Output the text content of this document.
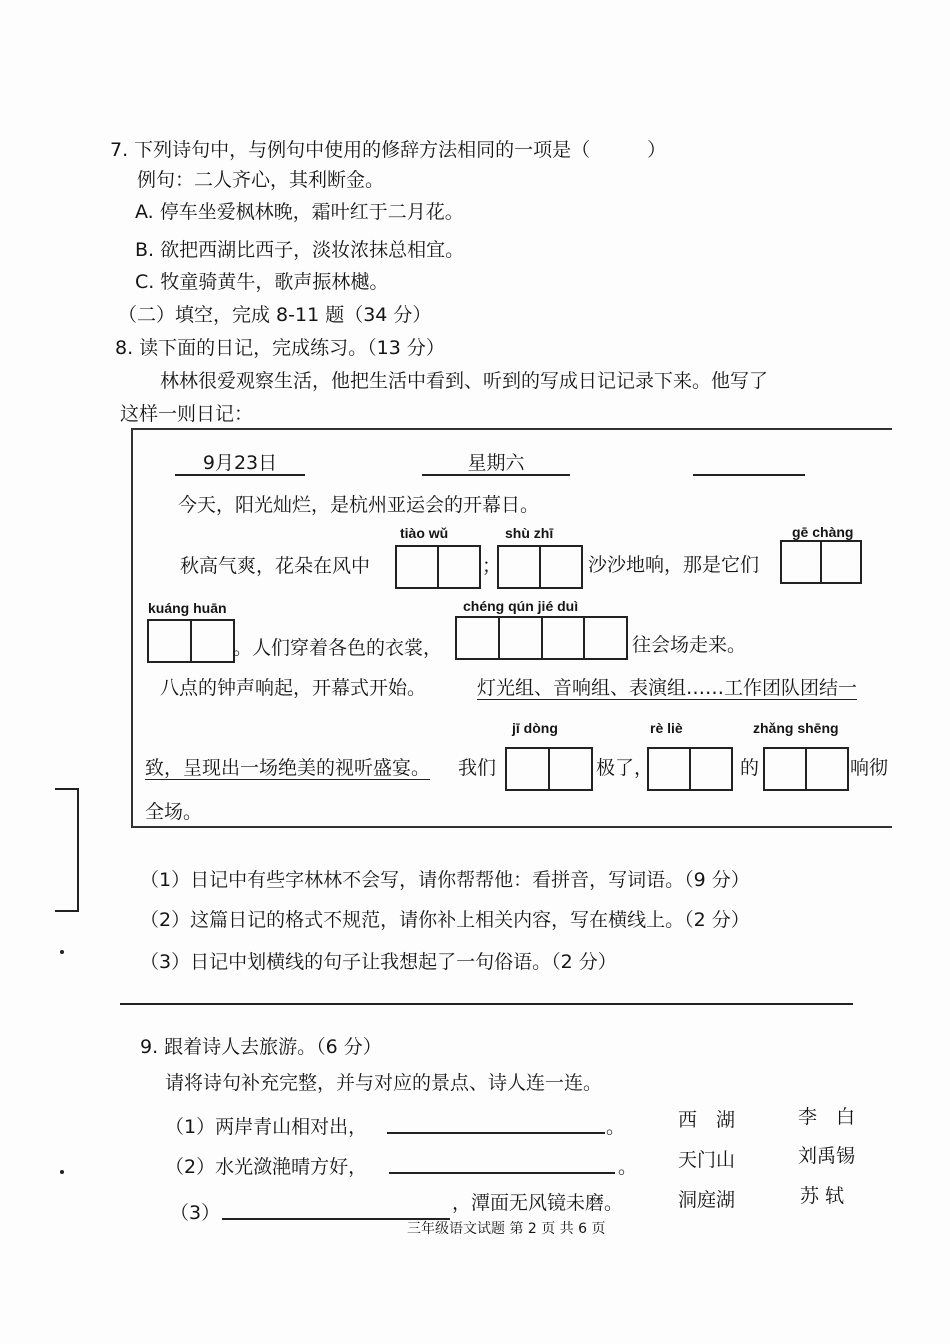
7. 下列诗句中，与例句中使用的修辞方法相同的一项是（　　　）
例句：二人齐心，其利断金。
A. 停车坐爱枫林晚，霜叶红于二月花。
B. 欲把西湖比西子，淡妆浓抹总相宜。
C. 牧童骑黄牛，歌声振林樾。
（二）填空，完成 8-11 题（34 分）
8. 读下面的日记，完成练习。（13 分）
林林很爱观察生活，他把生活中看到、听到的写成日记记录下来。他写了
这样一则日记：
9月23日	星期六
今天，阳光灿烂，是杭州亚运会的开幕日。
tiào wǔ	shù zhī	gē chàng
秋高气爽，花朵在风中	；	沙沙地响，那是它们
kuáng huān	chéng qún jié duì
。人们穿着各色的衣裳，	往会场走来。
八点的钟声响起，开幕式开始。	灯光组、音响组、表演组……工作团队团结一
jī dòng	rè liè	zhǎng shēng
致，呈现出一场绝美的视听盛宴。 我们	极了，	的	响彻
全场。
（1）日记中有些字林林不会写，请你帮帮他：看拼音，写词语。（9 分）
（2）这篇日记的格式不规范，请你补上相关内容，写在横线上。（2 分）
（3）日记中划横线的句子让我想起了一句俗语。（2 分）
9. 跟着诗人去旅游。（6 分）
请将诗句补充完整，并与对应的景点、诗人连一连。
（1）两岸青山相对出，	。
（2）水光潋滟晴方好，	。
（3）	，潭面无风镜未磨。
西　湖
天门山
洞庭湖
李　白
刘禹锡
苏 轼
三年级语文试题 第 2 页 共 6 页
